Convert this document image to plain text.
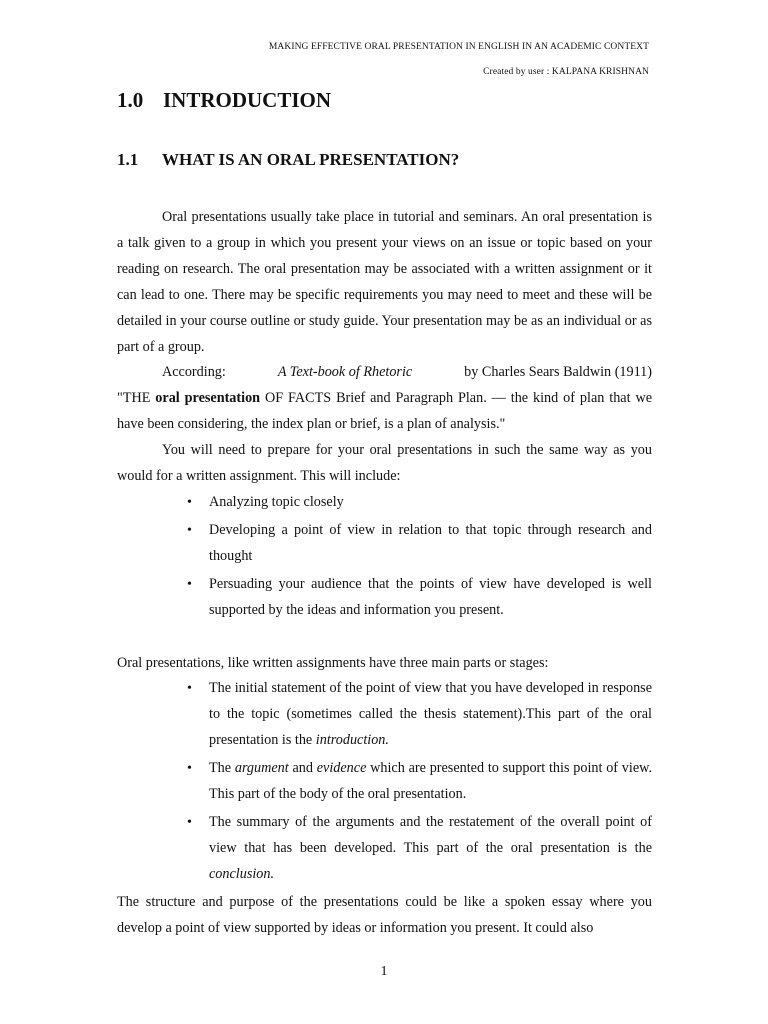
MAKING EFFECTIVE ORAL PRESENTATION IN ENGLISH IN AN ACADEMIC CONTEXT
Created by user : KALPANA KRISHNAN
1.0 INTRODUCTION
1.1 WHAT IS AN ORAL PRESENTATION?

Oral presentations usually take place in tutorial and seminars. An oral presentation is a talk given to a group in which you present your views on an issue or topic based on your reading on research. The oral presentation may be associated with a written assignment or it can lead to one. There may be specific requirements you may need to meet and these will be detailed in your course outline or study guide. Your presentation may be as an individual or as part of a group.

According:	A Text-book of Rhetoric	by Charles Sears Baldwin (1911)

"THE oral presentation OF FACTS Brief and Paragraph Plan. — the kind of plan that we have been considering, the index plan or brief, is a plan of analysis."

You will need to prepare for your oral presentations in such the same way as you would for a written assignment. This will include:

• Analyzing topic closely
• Developing a point of view in relation to that topic through research and thought
• Persuading your audience that the points of view have developed is well supported by the ideas and information you present.

Oral presentations, like written assignments have three main parts or stages:

• The initial statement of the point of view that you have developed in response to the topic (sometimes called the thesis statement).This part of the oral presentation is the introduction.
• The argument and evidence which are presented to support this point of view. This part of the body of the oral presentation.
• The summary of the arguments and the restatement of the overall point of view that has been developed. This part of the oral presentation is the conclusion.

The structure and purpose of the presentations could be like a spoken essay where you develop a point of view supported by ideas or information you present. It could also

1
